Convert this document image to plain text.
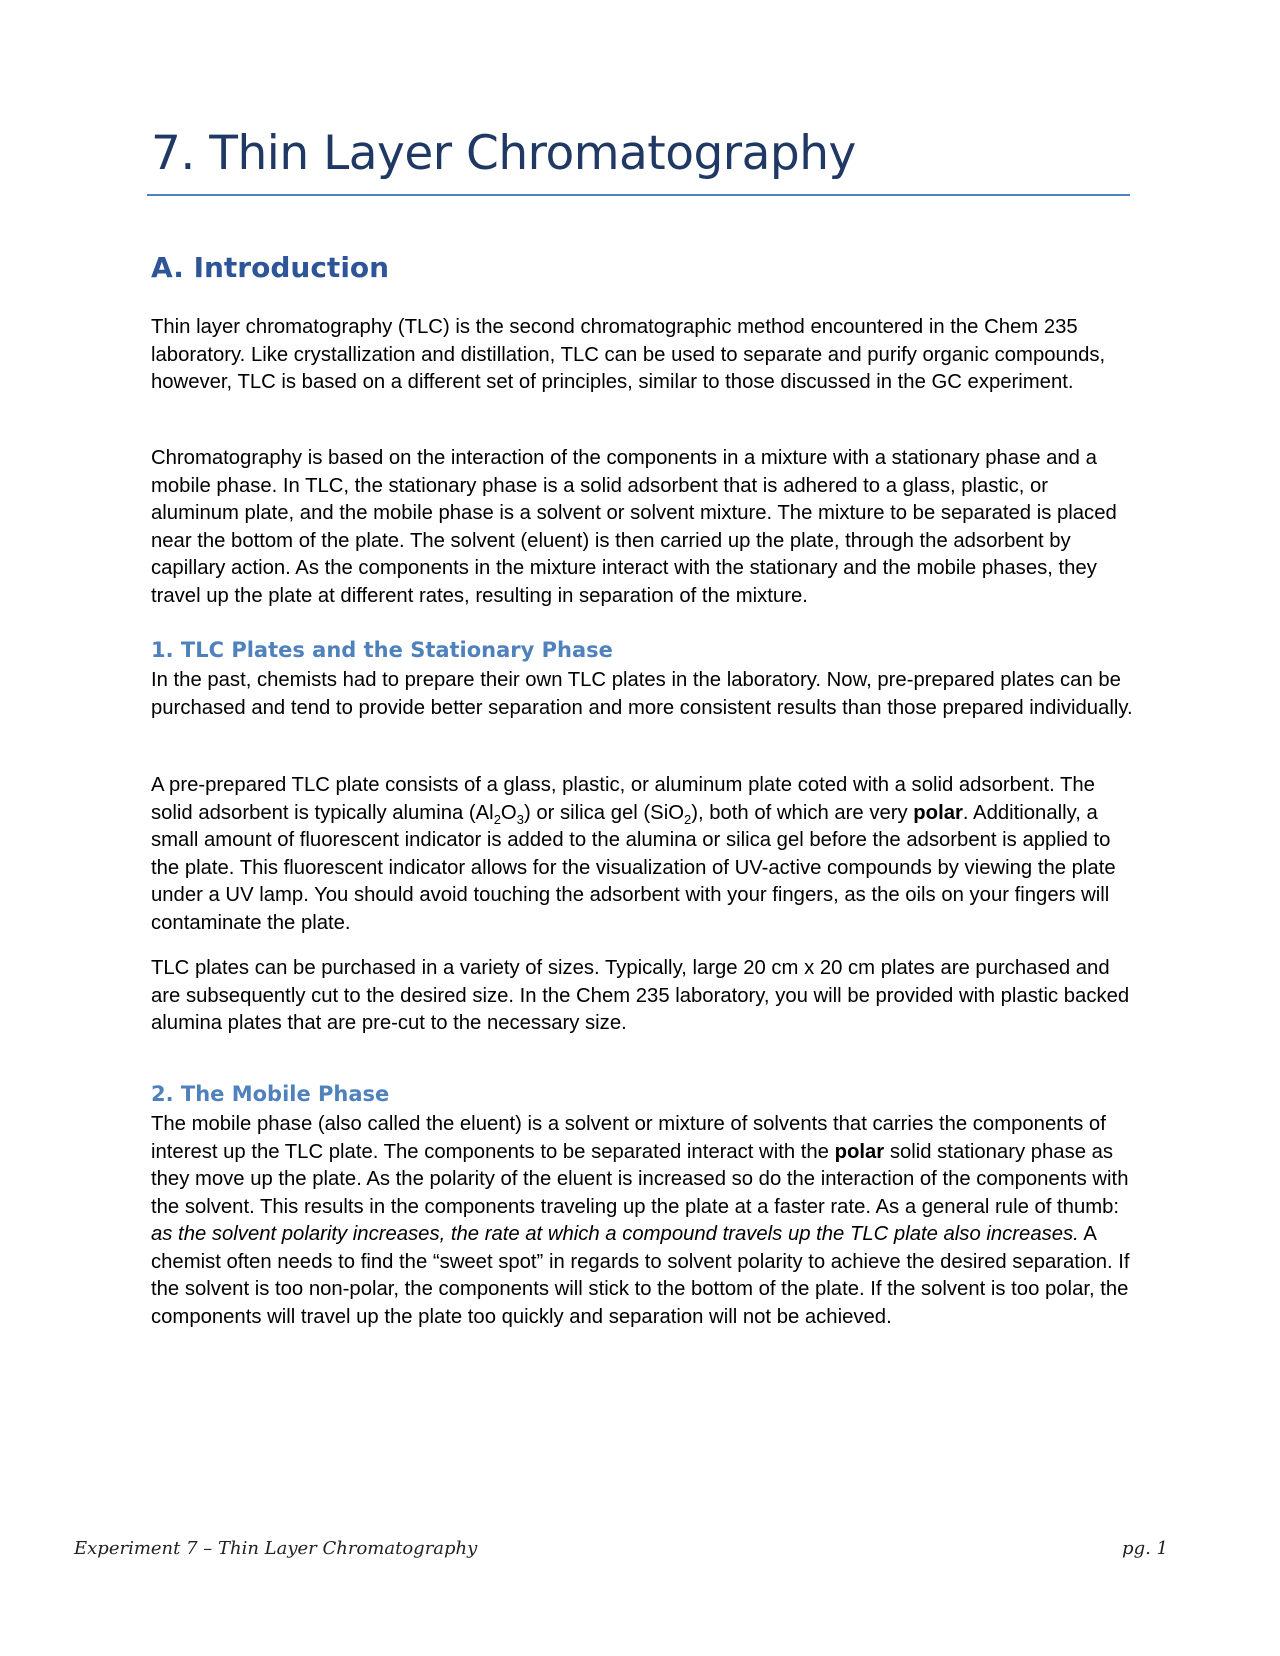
7. Thin Layer Chromatography
A. Introduction

Thin layer chromatography (TLC) is the second chromatographic method encountered in the Chem 235 laboratory. Like crystallization and distillation, TLC can be used to separate and purify organic compounds, however, TLC is based on a different set of principles, similar to those discussed in the GC experiment.

Chromatography is based on the interaction of the components in a mixture with a stationary phase and a mobile phase. In TLC, the stationary phase is a solid adsorbent that is adhered to a glass, plastic, or aluminum plate, and the mobile phase is a solvent or solvent mixture. The mixture to be separated is placed near the bottom of the plate. The solvent (eluent) is then carried up the plate, through the adsorbent by capillary action. As the components in the mixture interact with the stationary and the mobile phases, they travel up the plate at different rates, resulting in separation of the mixture.

1. TLC Plates and the Stationary Phase

In the past, chemists had to prepare their own TLC plates in the laboratory. Now, pre-prepared plates can be purchased and tend to provide better separation and more consistent results than those prepared individually.

A pre-prepared TLC plate consists of a glass, plastic, or aluminum plate coted with a solid adsorbent. The solid adsorbent is typically alumina $(Al_2O_3)$ or silica gel (SiO$_2$), both of which are very polar. Additionally, a small amount of fluorescent indicator is added to the alumina or silica gel before the adsorbent is applied to the plate. This fluorescent indicator allows for the visualization of UV-active compounds by viewing the plate under a UV lamp. You should avoid touching the adsorbent with your fingers, as the oils on your fingers will contaminate the plate.

TLC plates can be purchased in a variety of sizes. Typically, large 20 cm x 20 cm plates are purchased and are subsequently cut to the desired size. In the Chem 235 laboratory, you will be provided with plastic backed alumina plates that are pre-cut to the necessary size.

2. The Mobile Phase

The mobile phase (also called the eluent) is a solvent or mixture of solvents that carries the components of interest up the TLC plate. The components to be separated interact with the polar solid stationary phase as they move up the plate. As the polarity of the eluent is increased so do the interaction of the components with the solvent. This results in the components traveling up the plate at a faster rate. As a general rule of thumb: as the solvent polarity increases, the rate at which a compound travels up the TLC plate also increases. A chemist often needs to find the “sweet spot” in regards to solvent polarity to achieve the desired separation. If the solvent is too non-polar, the components will stick to the bottom of the plate. If the solvent is too polar, the components will travel up the plate too quickly and separation will not be achieved.

Experiment 7 – Thin Layer Chromatography	pg. 1
